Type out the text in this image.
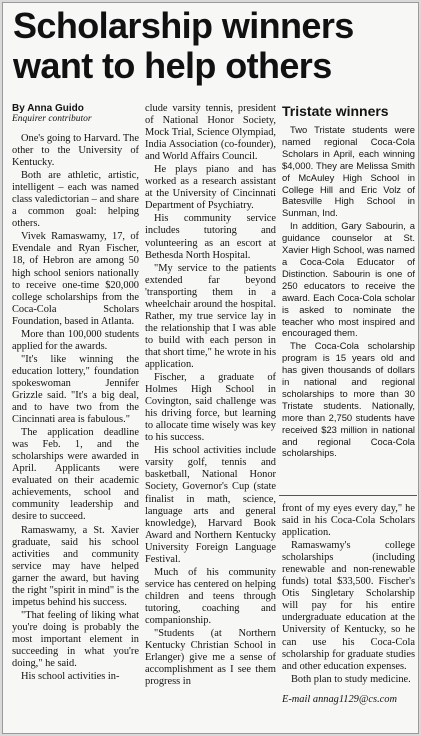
Scholarship winners want to help others
By Anna Guido
Enquirer contributor

One's going to Harvard. The other to the University of Kentucky.

Both are athletic, artistic, intelligent – each was named class valedictorian – and share a common goal: helping others.

Vivek Ramaswamy, 17, of Evendale and Ryan Fischer, 18, of Hebron are among 50 high school seniors nationally to receive one-time $20,000 college scholarships from the Coca-Cola Scholars Foundation, based in Atlanta.

More than 100,000 students applied for the awards.

"It's like winning the education lottery," foundation spokeswoman Jennifer Grizzle said. "It's a big deal, and to have two from the Cincinnati area is fabulous."

The application deadline was Feb. 1, and the scholarships were awarded in April. Applicants were evaluated on their academic achievements, school and community leadership and desire to succeed.

Ramaswamy, a St. Xavier graduate, said his school activities and community service may have helped garner the award, but having the right "spirit in mind" is the impetus behind his success.

"That feeling of liking what you're doing is probably the most important element in succeeding in what you're doing," he said.

His school activities in-

clude varsity tennis, president of National Honor Society, Mock Trial, Science Olympiad, India Association (co-founder), and World Affairs Council.

He plays piano and has worked as a research assistant at the University of Cincinnati Department of Psychiatry.

His community service includes tutoring and volunteering as an escort at Bethesda North Hospital.

"My service to the patients extended far beyond 'transporting them in a wheelchair around the hospital. Rather, my true service lay in the relationship that I was able to build with each person in that short time," he wrote in his application.

Fischer, a graduate of Holmes High School in Covington, said challenge was his driving force, but learning to allocate time wisely was key to his success.

His school activities include varsity golf, tennis and basketball, National Honor Society, Governor's Cup (state finalist in math, science, language arts and general knowledge), Harvard Book Award and Northern Kentucky University Foreign Language Festival.

Much of his community service has centered on helping children and teens through tutoring, coaching and companionship.

"Students (at Northern Kentucky Christian School in Erlanger) give me a sense of accomplishment as I see them progress in

Tristate winners

Two Tristate students were named regional Coca-Cola Scholars in April, each winning $4,000. They are Melissa Smith of McAuley High School in College Hill and Eric Volz of Batesville High School in Sunman, Ind.

In addition, Gary Sabourin, a guidance counselor at St. Xavier High School, was named a Coca-Cola Educator of Distinction. Sabourin is one of 250 educators to receive the award. Each Coca-Cola scholar is asked to nominate the teacher who most inspired and encouraged them.

The Coca-Cola scholarship program is 15 years old and has given thousands of dollars in national and regional scholarships to more than 30 Tristate students. Nationally, more than 2,750 students have received $23 million in national and regional Coca-Cola scholarships.

front of my eyes every day," he said in his Coca-Cola Scholars application.

Ramaswamy's college scholarships (including renewable and non-renewable funds) total $33,500. Fischer's Otis Singletary Scholarship will pay for his entire undergraduate education at the University of Kentucky, so he can use his Coca-Cola scholarship for graduate studies and other education expenses.

Both plan to study medicine.

E-mail annag1129@cs.com
